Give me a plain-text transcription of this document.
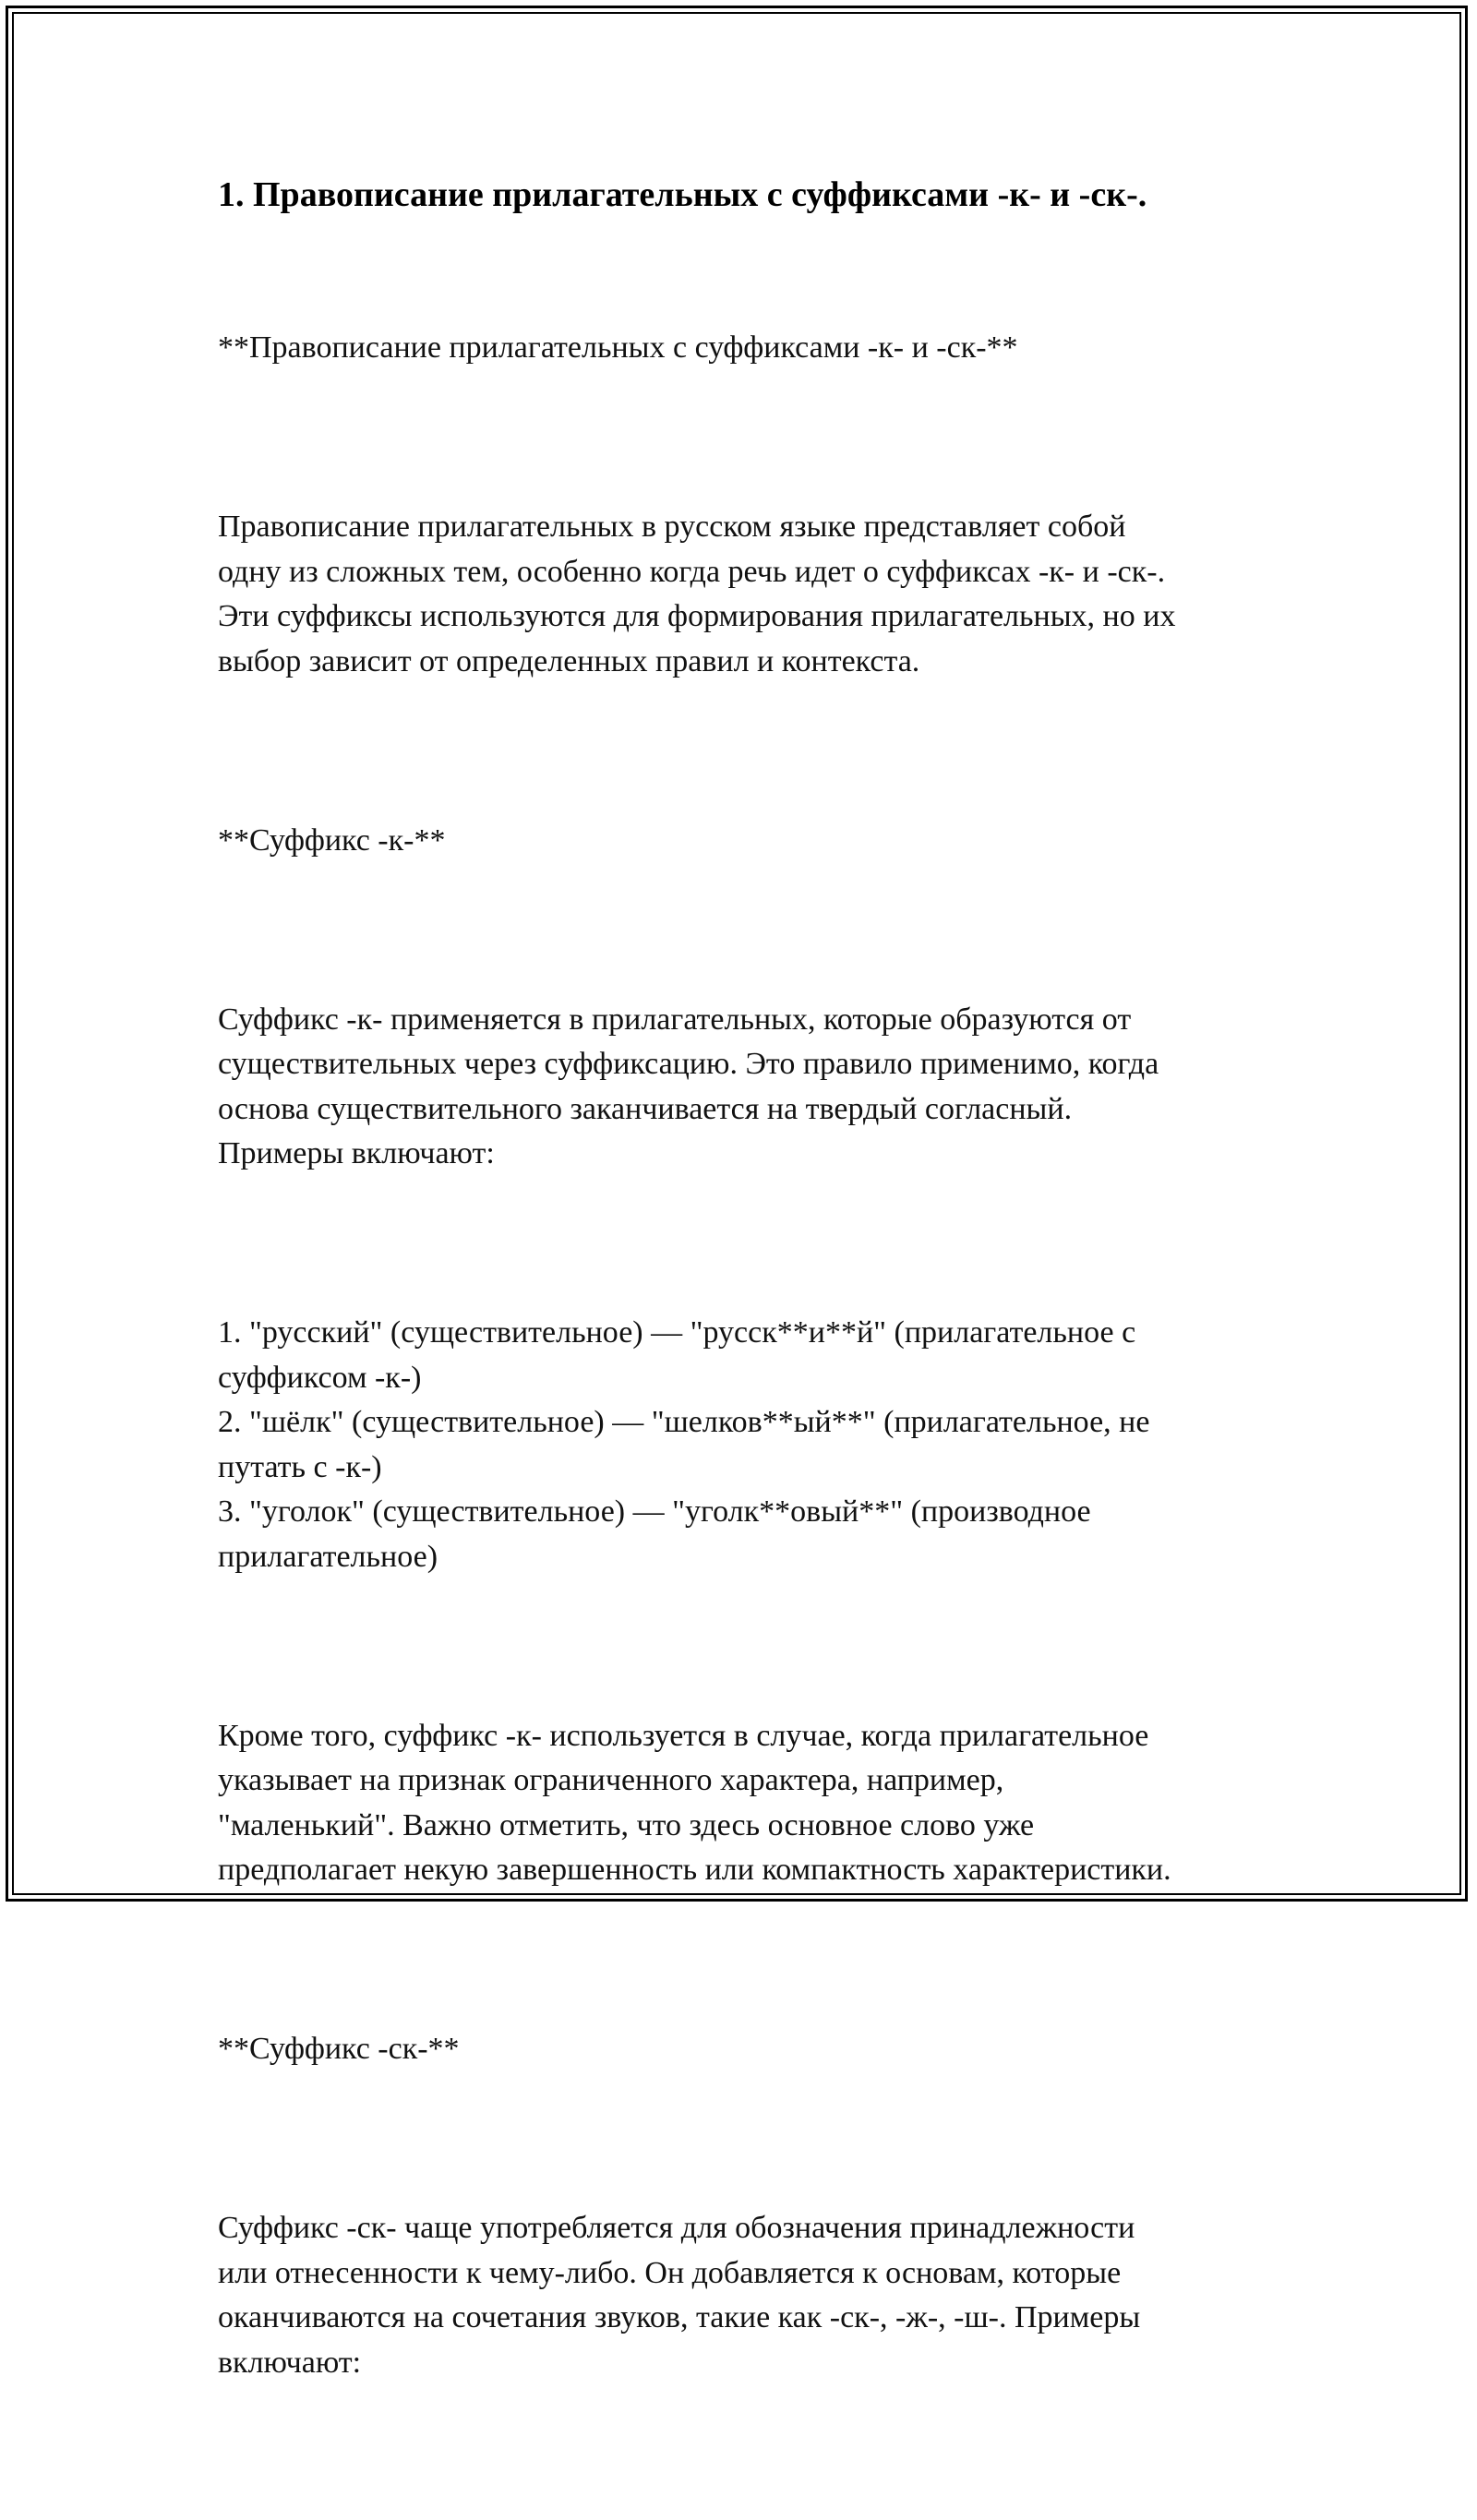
1. Правописание прилагательных с суффиксами -к- и -ск-.

**Правописание прилагательных с суффиксами -к- и -ск-**

Правописание прилагательных в русском языке представляет собой
одну из сложных тем, особенно когда речь идет о суффиксах -к- и -ск-.
Эти суффиксы используются для формирования прилагательных, но их
выбор зависит от определенных правил и контекста.

**Суффикс -к-**

Суффикс -к- применяется в прилагательных, которые образуются от
существительных через суффиксацию. Это правило применимо, когда
основа существительного заканчивается на твердый согласный.
Примеры включают:

1. "русский" (существительное) — "русск**и**й" (прилагательное с
суффиксом -к-)
2. "шёлк" (существительное) — "шелков**ый**" (прилагательное, не
путать с -к-)
3. "уголок" (существительное) — "уголк**овый**" (производное
прилагательное)

Кроме того, суффикс -к- используется в случае, когда прилагательное
указывает на признак ограниченного характера, например,
"маленький". Важно отметить, что здесь основное слово уже
предполагает некую завершенность или компактность характеристики.

**Суффикс -ск-**

Суффикс -ск- чаще употребляется для обозначения принадлежности
или отнесенности к чему-либо. Он добавляется к основам, которые
оканчиваются на сочетания звуков, такие как -ск-, -ж-, -ш-. Примеры
включают:
